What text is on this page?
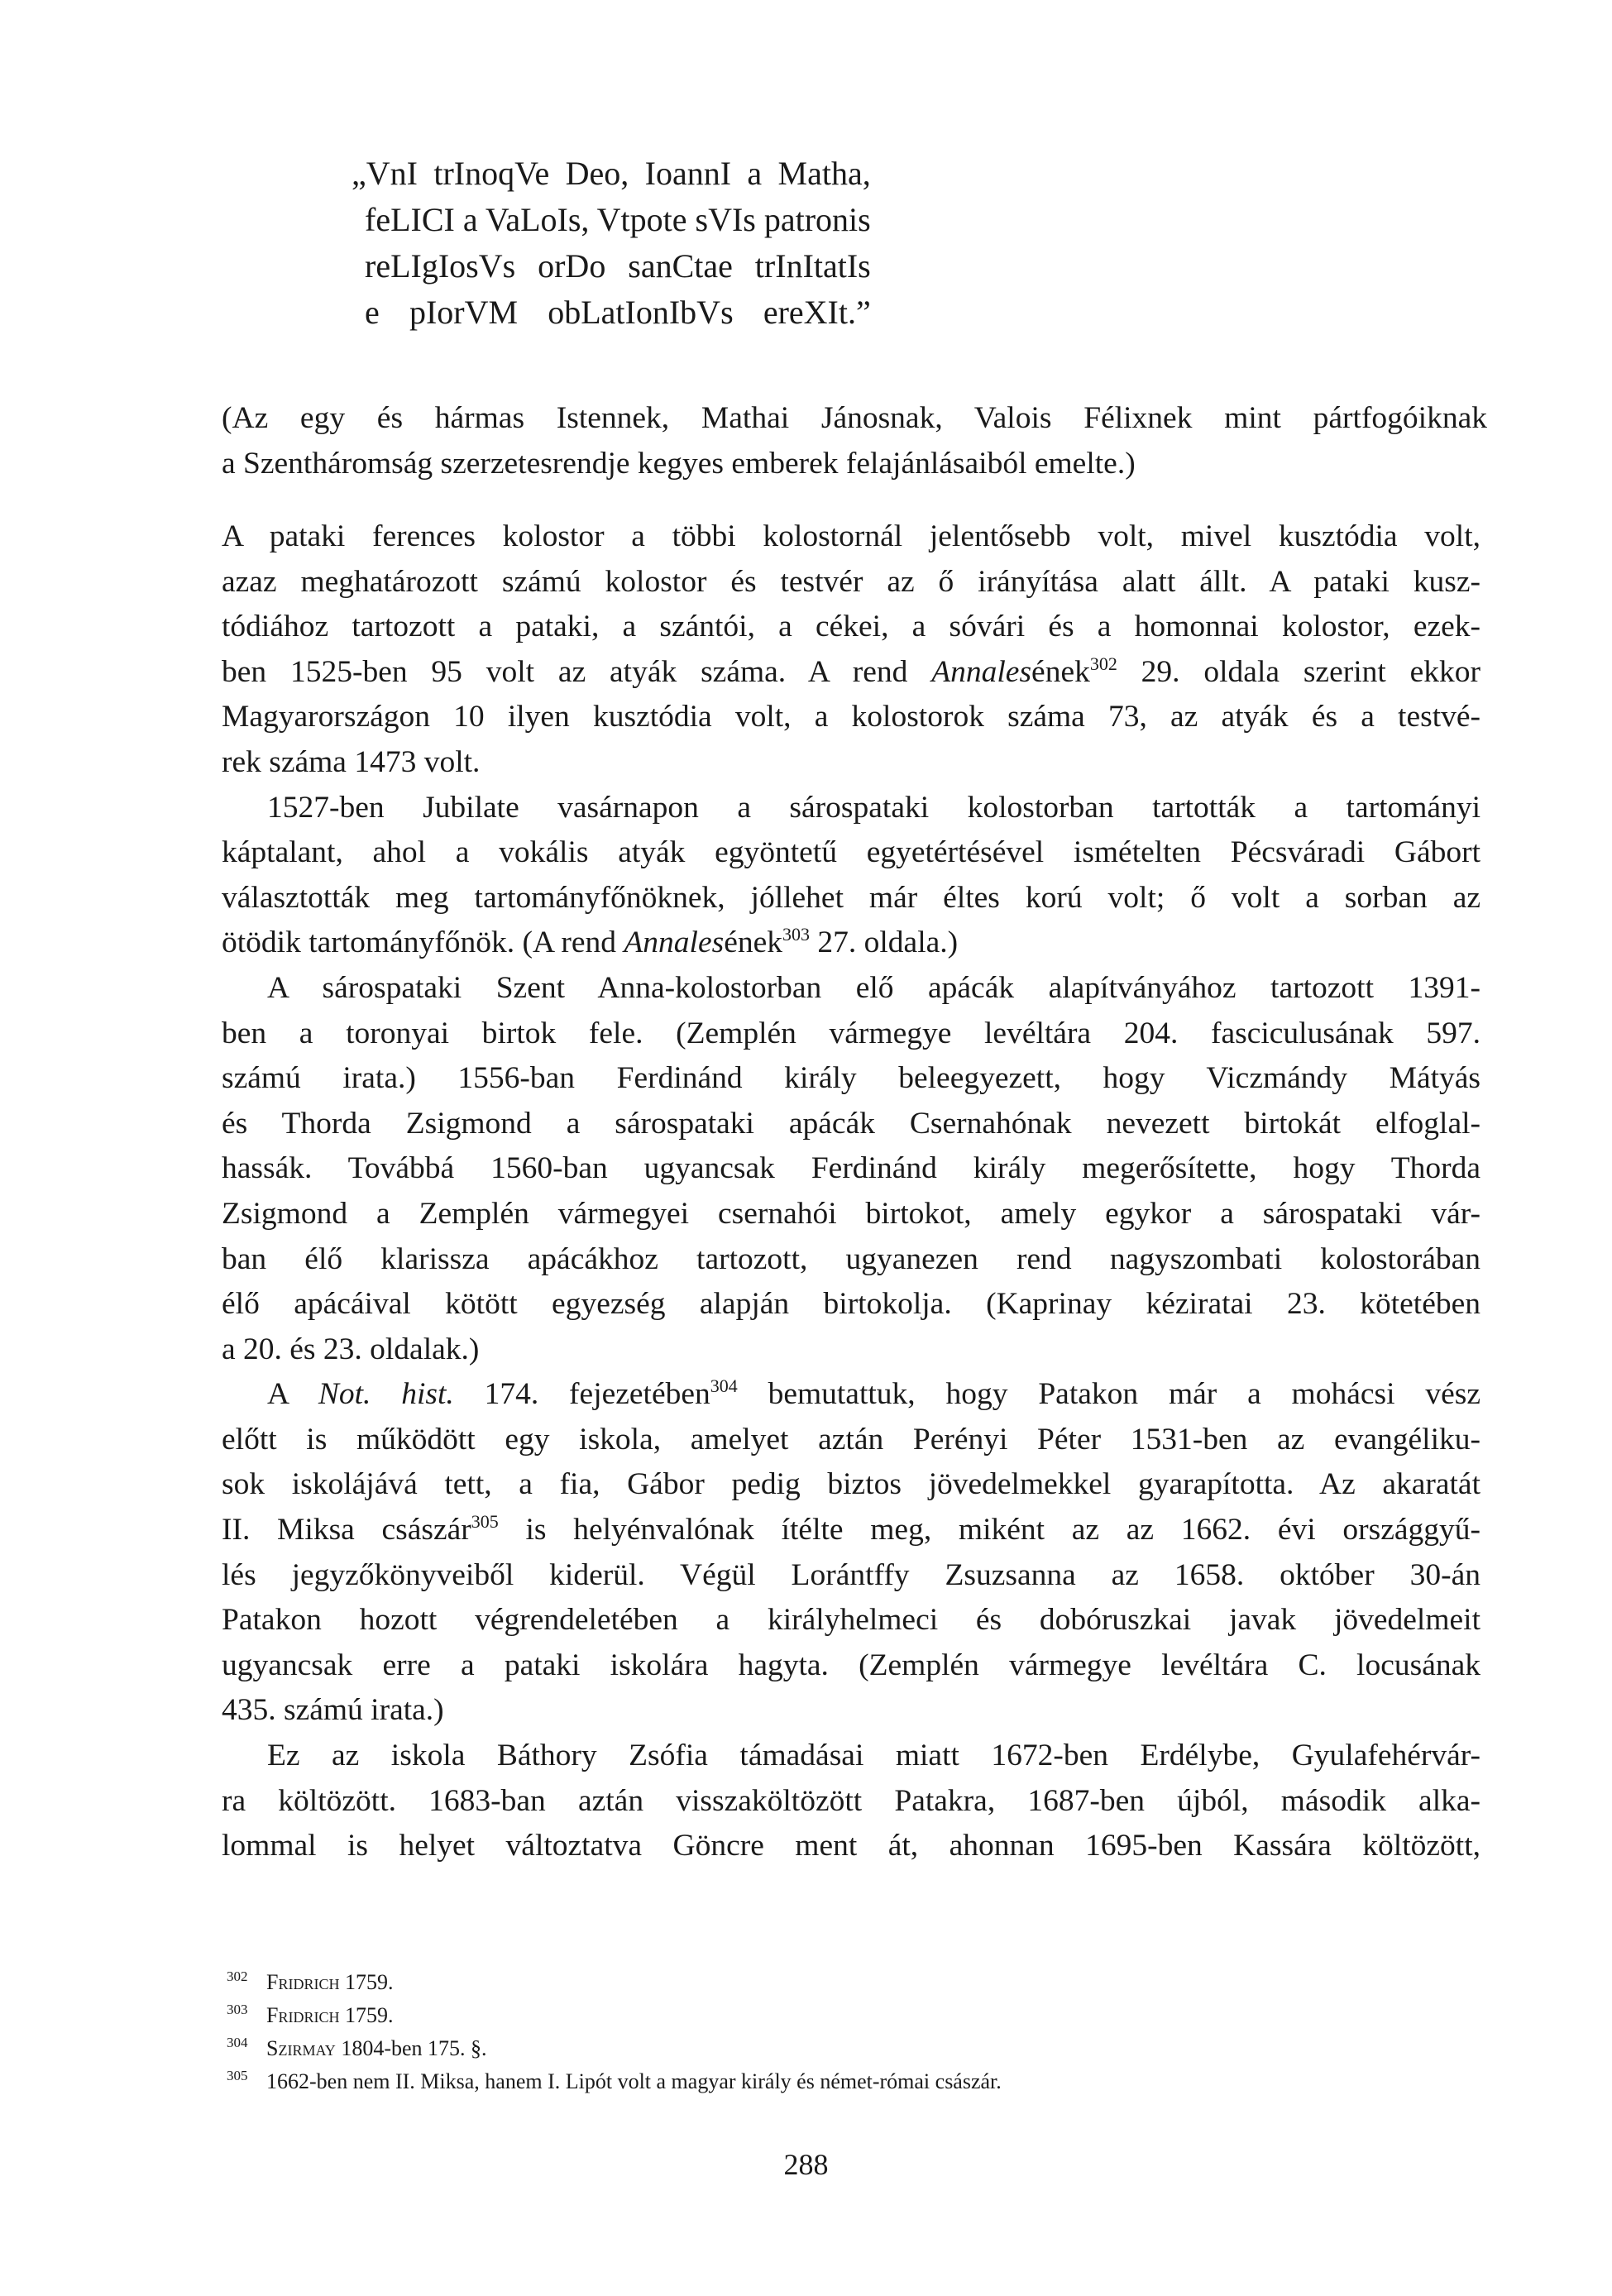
„VnI trInoqVe Deo, IoannI a Matha,
feLICI a VaLoIs, Vtpote sVIs patronis
reLIgIosVs orDo sanCtae trInItatIs
e pIorVM obLatIonIbVs ereXIt.”
(Az egy és hármas Istennek, Mathai Jánosnak, Valois Félixnek mint pártfogóiknak
a Szentháromság szerzetesrendje kegyes emberek felajánlásaiból emelte.)
A pataki ferences kolostor a többi kolostornál jelentősebb volt, mivel kusztódia volt,
azaz meghatározott számú kolostor és testvér az ő irányítása alatt állt. A pataki kusz-
tódiához tartozott a pataki, a szántói, a cékei, a sóvári és a homonnai kolostor, ezek-
ben 1525-ben 95 volt az atyák száma. A rend Annalesének$^{302}$ 29. oldala szerint ekkor
Magyarországon 10 ilyen kusztódia volt, a kolostorok száma 73, az atyák és a testvé-
rek száma 1473 volt.
1527-ben Jubilate vasárnapon a sárospataki kolostorban tartották a tartományi
káptalant, ahol a vokális atyák egyöntetű egyetértésével ismételten Pécsváradi Gábort
választották meg tartományfőnöknek, jóllehet már éltes korú volt; ő volt a sorban az
ötödik tartományfőnök. (A rend Annalesének$^{303}$ 27. oldala.)
A sárospataki Szent Anna-kolostorban elő apácák alapítványához tartozott 1391-
ben a toronyai birtok fele. (Zemplén vármegye levéltára 204. fasciculusának 597.
számú irata.) 1556-ban Ferdinánd király beleegyezett, hogy Viczmándy Mátyás
és Thorda Zsigmond a sárospataki apácák Csernahónak nevezett birtokát elfoglal-
hassák. Továbbá 1560-ban ugyancsak Ferdinánd király megerősítette, hogy Thorda
Zsigmond a Zemplén vármegyei csernahói birtokot, amely egykor a sárospataki vár-
ban élő klarissza apácákhoz tartozott, ugyanezen rend nagyszombati kolostorában
élő apácáival kötött egyezség alapján birtokolja. (Kaprinay kéziratai 23. kötetében
a 20. és 23. oldalak.)
A Not. hist. 174. fejezetében$^{304}$ bemutattuk, hogy Patakon már a mohácsi vész
előtt is működött egy iskola, amelyet aztán Perényi Péter 1531-ben az evangéliku-
sok iskolájává tett, a fia, Gábor pedig biztos jövedelmekkel gyarapította. Az akaratát
II. Miksa császár$^{305}$ is helyénvalónak ítélte meg, miként az az 1662. évi országgyű-
lés jegyzőkönyveiből kiderül. Végül Lorántffy Zsuzsanna az 1658. október 30-án
Patakon hozott végrendeletében a királyhelmeci és dobóruszkai javak jövedelmeit
ugyancsak erre a pataki iskolára hagyta. (Zemplén vármegye levéltára C. locusának
435. számú irata.)
Ez az iskola Báthory Zsófia támadásai miatt 1672-ben Erdélybe, Gyulafehérvár-
ra költözött. 1683-ban aztán visszaköltözött Patakra, 1687-ben újból, második alka-
lommal is helyet változtatva Göncre ment át, ahonnan 1695-ben Kassára költözött,
302 Fridrich 1759.
303 Fridrich 1759.
304 Szirmay 1804-ben 175. §.
305 1662-ben nem II. Miksa, hanem I. Lipót volt a magyar király és német-római császár.
288
